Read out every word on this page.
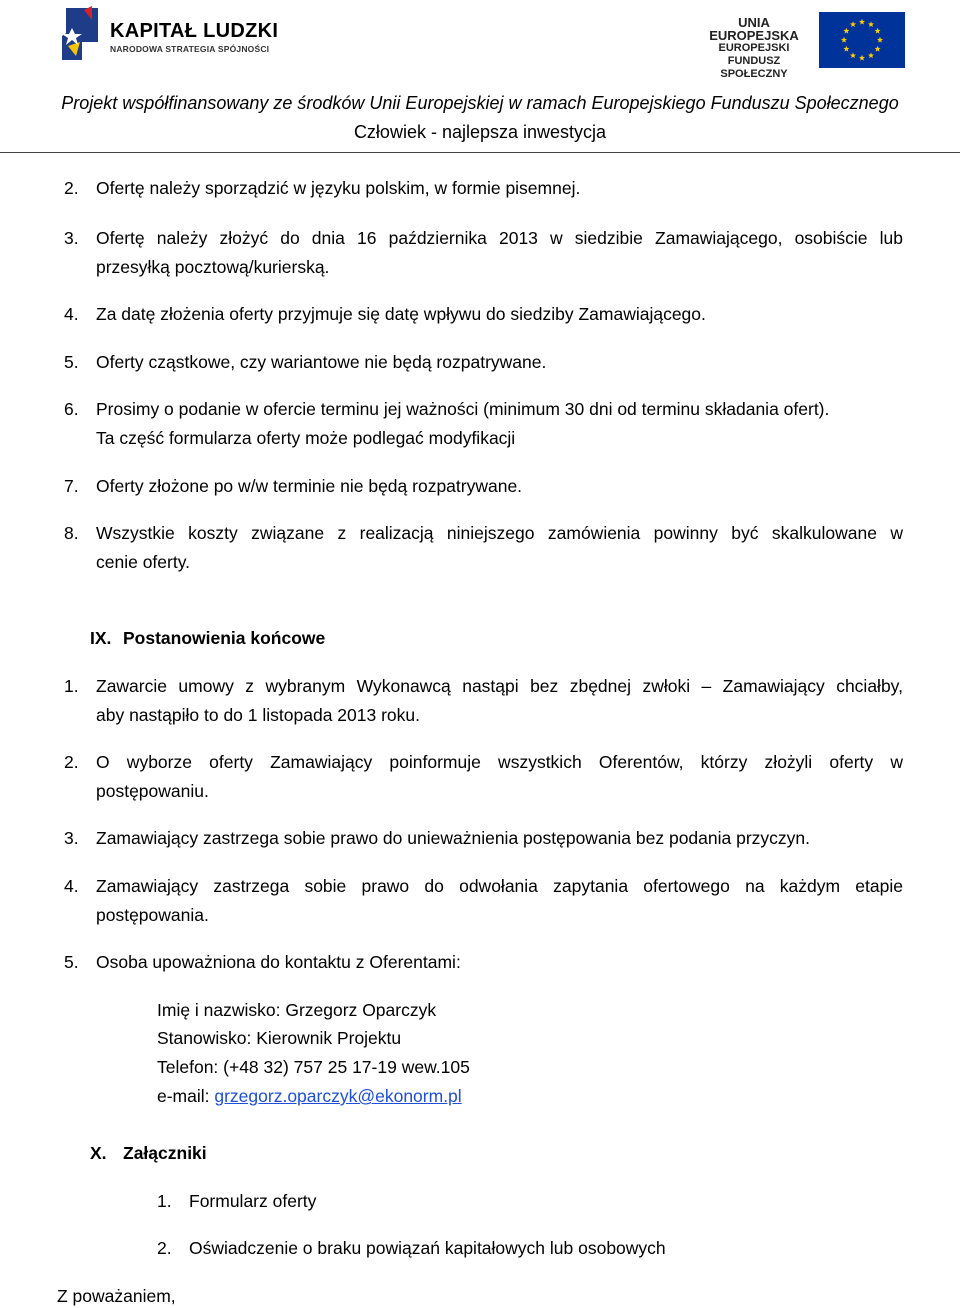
KAPITAŁ LUDZKI
NARODOWA STRATEGIA SPÓJNOŚCI
UNIA EUROPEJSKA
EUROPEJSKI
FUNDUSZ SPOŁECZNY
Projekt współfinansowany ze środków Unii Europejskiej w ramach Europejskiego Funduszu Społecznego
Człowiek - najlepsza inwestycja
2. Ofertę należy sporządzić w języku polskim, w formie pisemnej.
3. Ofertę należy złożyć do dnia 16 października 2013 w siedzibie Zamawiającego, osobiście lub
przesyłką pocztową/kurierską.
4. Za datę złożenia oferty przyjmuje się datę wpływu do siedziby Zamawiającego.
5. Oferty cząstkowe, czy wariantowe nie będą rozpatrywane.
6. Prosimy o podanie w ofercie terminu jej ważności (minimum 30 dni od terminu składania ofert).
Ta część formularza oferty może podlegać modyfikacji
7. Oferty złożone po w/w terminie nie będą rozpatrywane.
8. Wszystkie koszty związane z realizacją niniejszego zamówienia powinny być skalkulowane w
cenie oferty.
IX. Postanowienia końcowe
1. Zawarcie umowy z wybranym Wykonawcą nastąpi bez zbędnej zwłoki – Zamawiający chciałby,
aby nastąpiło to do 1 listopada 2013 roku.
2. O wyborze oferty Zamawiający poinformuje wszystkich Oferentów, którzy złożyli oferty w
postępowaniu.
3. Zamawiający zastrzega sobie prawo do unieważnienia postępowania bez podania przyczyn.
4. Zamawiający zastrzega sobie prawo do odwołania zapytania ofertowego na każdym etapie
postępowania.
5. Osoba upoważniona do kontaktu z Oferentami:
Imię i nazwisko: Grzegorz Oparczyk
Stanowisko: Kierownik Projektu
Telefon: (+48 32) 757 25 17-19 wew.105
e-mail: grzegorz.oparczyk@ekonorm.pl
X. Załączniki
1. Formularz oferty
2. Oświadczenie o braku powiązań kapitałowych lub osobowych
Z poważaniem,
